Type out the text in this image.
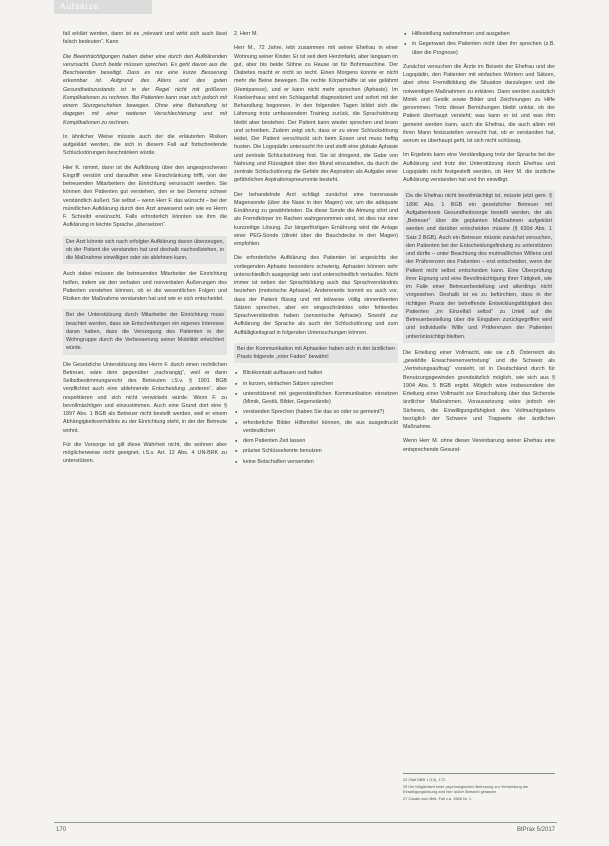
Aufsätze

fall erklärt werden, dann ist es „relevant und wirkt sich auch lässt falsch bedeuten“. Kann

Die Beeinträchtigungen haben daher eine durch den Aufklärenden verursacht. Durch beide müssen sprechen. Es geht davon aus die Beschwerden beseitigt. Dass es nur eine kurze Besserung erkennbar ist. Aufgrund des Alters und des guten Gesundheitszustands ist in der Regel nicht mit größeren Komplikationen zu rechnen. Bei Patienten kann man sich jedoch mit einem Sturzgeschehen bewegen. Ohne eine Behandlung ist dagegen mit einer weiteren Verschlechterung und mit Komplikationen zu rechnen.

In ähnlicher Weise müsste auch der die erläuterten Risiken aufgeklärt werden, die sich in diesem Fall auf fortschreitende Schluckstörungen beschränken würde.

Hier K. nimmt, dann ist die Aufklärung über den angesprochenen Eingriff verstört und daraufhin eine Einschränkung trifft, von der betreuenden Mitarbeitern der Einrichtung verursacht werden. Sie können den Patienten gut verstehen, den er bei Demenz schwer verständlich äußert. Sie selbst – wenn Herr F. das wünscht – bei der mündlichen Aufklärung durch den Arzt anwesend sein wie es Herrn F. Schreibt erwünscht. Falls erforderlich könnten sie ihm die Aufklärung in leichte Sprache „übersetzen“.

Der Arzt könnte sich nach erfolgter Aufklärung davon überzeugen, ob der Patient die verstanden hat und deshalb nachvollziehen, in die Maßnahme einwilligen oder sie ablehnen kann.

Auch dabei müssen die betreuenden Mitarbeiter der Einrichtung helfen, indem sie den verbalen und nonverbalen Äußerungen des Patienten verstehen können, ob er die wesentlichen Folgen und Risiken der Maßnahme verstanden hat und wie er sich entscheidet.

Bei der Unterstützung durch Mitarbeiter der Einrichtung muss beachtet werden, dass sie Entscheidungen ein eigenes Interesse daran haben, dass die Versorgung des Patienten in der Wohngruppe durch die Verbesserung seiner Mobilität erleichtert würde.

Die Gesetzliche Unterstützung des Herrn F. durch einen rechtlichen Betreuer, wäre dem gegenüber „nachrangig“, weil er dann Selbstbestimmungsrecht des Betreuten i.S.v. § 1901 BGB verpflichtet auch eine ablehnende Entscheidung „anderen“, aber respektieren und sich nicht verwickeln würde. Wenn F. zu bevollmächtigen und einzustimmen. Auch eine Grund dort eine § 1897 Abs. 1 BGB als Betreuer nicht bestellt werden, weil er einem Abhängigkeitsverhältnis zu der Einrichtung steht, in der der Betreute wohnt.

Für die Vorsorge ist gilt diese Wahrheit nicht, die wohnen aber möglicherweise nicht geeignet, i.S.v. Art. 12 Abs. 4 UN-BRK zu unterstützen.

2. Herr M.

Herr M., 72 Jahre, lebt zusammen mit seiner Ehefrau in einer Wohnung seiner Kinder. Er ist seit dem Herzinfarkt, aber langsam im gut, aber bis beide Söhne zu Hause ist für Bohrmaschine. Der Diabetes macht er nicht so recht. Einen Morgens konnte er nicht mehr die Beine bewegen. Die rechte Körperhälfte ist wie gelähmt (Hemiparese), und er kann nicht mehr sprechen (Aphasie). Im Krankenhaus wird ein Schlaganfall diagnostiziert und sofort mit der Behandlung begonnen. In den folgenden Tagen bildet sich die Lähmung trotz umfassendem Training zurück, die Sprachstörung bleibt aber bestehen. Der Patient kann wieder sprechen und lesen und schreiben. Zudem zeigt sich, dass er zu einer Schluckstörung leidet. Der Patient verschluckt sich beim Essen und muss heftig husten. Die Logopädin untersucht ihn und stellt eine globale Aphasie und zentrale Schluckstörung fest. Sie ist dringend, die Gabe von Nahrung und Flüssigkeit über den Mund einzustellen, da durch die zentrale Schluckstörung die Gefahr der Aspiration als Aufgabe einer gefährlichen Aspirationspneumonie besteht.

Der behandelnde Arzt schlägt zunächst eine transnasale Magensonde (über die Nase in den Magen) vor, um die adäquate Ernährung zu gewährleisten. Da diese Sonde die Atmung stört und als Fremdkörper im Rachen wahrgenommen wird, ist dies nur eine kurzzeitige Lösung. Zur längerfristigen Ernährung wird die Anlage einer PEG-Sonde (direkt über die Bauchdecke in den Magen) empfohlen.

Die erforderliche Aufklärung des Patienten ist angesichts der vorliegenden Aphasie besonders schwierig. Aphasien können sehr unterschiedlich ausgeprägt sein und unterschiedlich verlaufen. Nicht immer ist neben der Sprachbildung auch das Sprachverständnis beziehen (motorische Aphasie). Andererseits kommt es auch vor, dass der Patient flüssig und mit teilweise völlig sinnentleerten Sätzen sprechen, aber ein eingeschränktes oder fehlendes Sprachverständnis haben (sensorische Aphasie). Sowohl zur Aufklärung der Sprache als auch der Schluckstörung und zum Auffälligkeitsgrad in folgenden Untersuchungen können.

Bei der Kommunikation mit Aphasiker haben sich in der ärztlichen Praxis folgende „roter Faden“ bewährt:

● Blickkontakt aufbauen und halten
● in kurzen, einfachen Sätzen sprechen
● unterstützend mit gegenständlichen Kommunikation einsetzen (Mimik, Gestik, Bilder, Gegenstände)
● verstanden Sprechen (haben Sie das so oder so gemeint?)
● erforderliche Bilder Hilfsmittel können, die aus ausgedruckt verdeutlichen
● dem Patienten Zeit lassen
● präzise Schlüsselworte benutzen
● keine Botschaften verwenden
● Hilfestellung wahrnehmen und ausgeben
● in Gegenwart des Patienten nicht über ihn sprechen (z.B. über die Prognose)

Zunächst versuchen die Ärzte im Beisein der Ehefrau und der Logopädin, den Patienten mit einfachen Wörtern und Sätzen, aber ohne Fremdbildung die Situation darzulegen und die notwendigen Maßnahmen zu erklären. Dann werden zusätzlich Mimik und Gestik sowie Bilder und Zeichnungen zu Hilfe genommen. Trotz dieser Bemühungen bleibt unklar, ob der Patient überhaupt versteht; was kann er ist und was ihm gemeint werden kann, auch die Ehefrau, die auch allein mit ihren Mann festzustellen versucht hat, ob er verstanden hat, worum es überhaupt geht, ist sich nicht schlüssig.

Im Ergebnis kann eine Verständigung trotz der Sprache bei der Aufklärung und trotz der Unterstützung durch Ehefrau und Logopädin nicht festgestellt werden, ob Herr M. die ärztliche Aufklärung verstanden hat und ihn einwilligt.

Da die Ehefrau nicht bevollmächtigt ist, müsste jetzt gem. § 1896 Abs. 1 BGB ein gesetzlicher Betreuer mit Aufgabenkreis Gesundheitssorge bestellt werden, der als „Betreuer“ über die geplanten Maßnahmen aufgeklärt werden und darüber entscheiden müsste (§ 630d Abs. 1 Satz 2 BGB). Auch ein Betreuer müsste zunächst versuchen, den Patienten bei der Entscheidungsfindung zu unterstützen und dürfte – unter Beachtung des mutmaßlichen Willens und der Präferenzen des Patienten – erst entscheiden, wenn der Patient nicht selbst entscheiden kann. Eine Überprüfung ihrer Eignung und eine Bevollmächtigung ihrer Tätigkeit, wie im Falle einer Betreuerbestellung und allerdings nicht vorgesehen. Deshalb ist es zu befürchten, dass in der richtigen Praxis der betreffende Entwicklungsfähigkeit des Patienten „im Einzelfall selbst“ zu Urteil auf die Betreuerbestellung über die Eingaben zurückgegriffen wird und individuelle Wille und Präferenzen der Patienten unberücksichtigt bleiben.

Die Erteilung einer Vollmacht, wie sie z.B. Österreich als „gewählte Erwachsenenvertretung“ und die Schweiz als „Vertretungsauftrag“ vorsieht, ist in Deutschland durch für Benutzungsgewinden grundsätzlich möglich, wie sich aus § 1904 Abs. 5 BGB ergibt. Möglich wäre insbesondere der Erteilung einer Vollmacht zur Einschaltung über das Sicherste ärztlicher Maßnahmen, Voraussetzung wäre jedoch ein Sicheres, die Einwilligungsfähigkeit des Vollmachtgebers bezüglich der Schwere und Tragweite der ärztlichen Maßnahme.

Wenn Herr M. ohne dieser Vereinbarung seiner Ehefrau eine entsprechende Gesund-

22 Zitat NBB 1 (10), 172.
25 Die Möglichkeit einer psychologischen Betreuung zur Vermeidung der Einwilligungslösung wird hier außer Betracht gelassen.
27 Zusatz zum Betr. Fall v.a. 1988 Nr. 1.
170	BtPrax 5/2017
